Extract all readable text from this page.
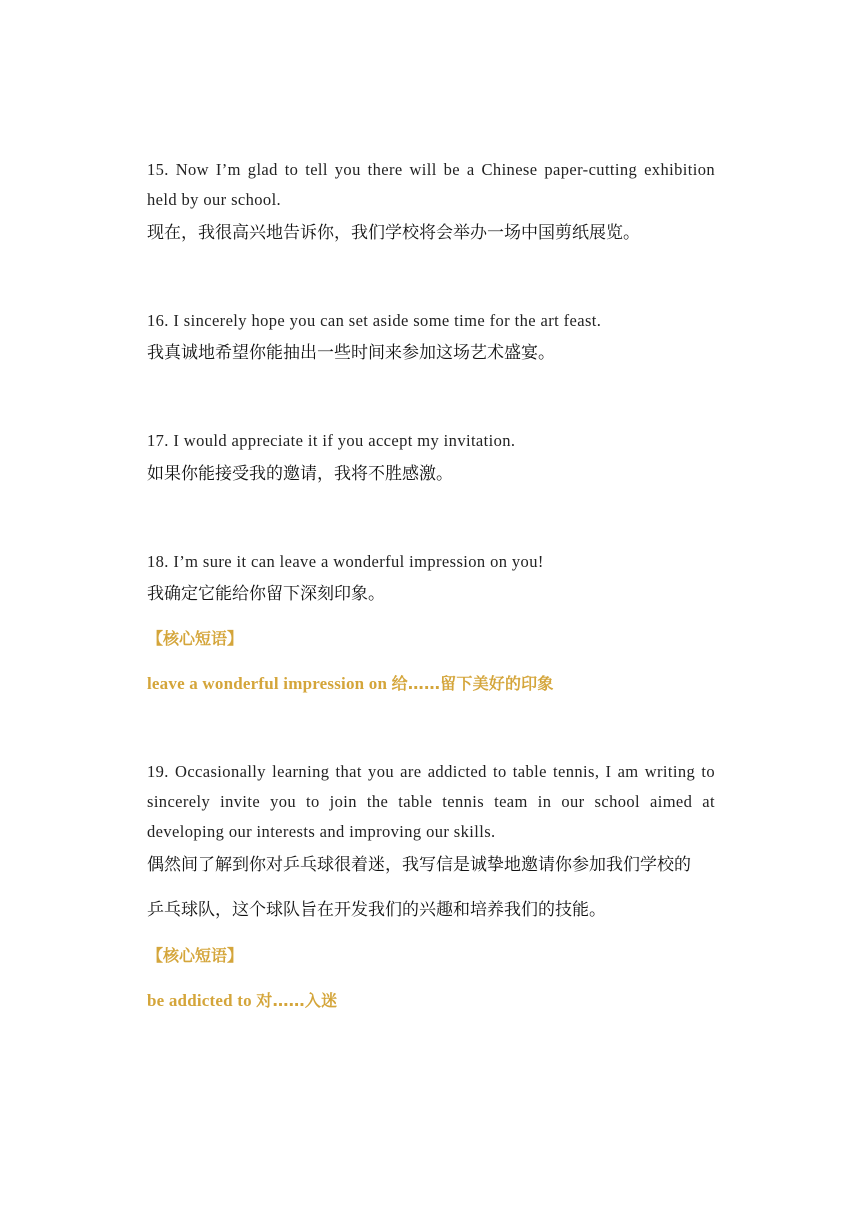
15. Now I’m glad to tell you there will be a Chinese paper-cutting exhibition held by our school.

现在，我很高兴地告诉你，我们学校将会举办一场中国剪纸展览。

16. I sincerely hope you can set aside some time for the art feast.

我真诚地希望你能抽出一些时间来参加这场艺术盛宴。

17. I would appreciate it if you accept my invitation.

如果你能接受我的邀请，我将不胜感激。

18. I’m sure it can leave a wonderful impression on you!

我确定它能给你留下深刻印象。

【核心短语】

leave a wonderful impression on 给……留下美好的印象

19. Occasionally learning that you are addicted to table tennis, I am writing to sincerely invite you to join the table tennis team in our school aimed at developing our interests and improving our skills.

偶然间了解到你对乒乓球很着迷，我写信是诚挚地邀请你参加我们学校的

乒乓球队，这个球队旨在开发我们的兴趣和培养我们的技能。

【核心短语】

be addicted to 对……入迷
